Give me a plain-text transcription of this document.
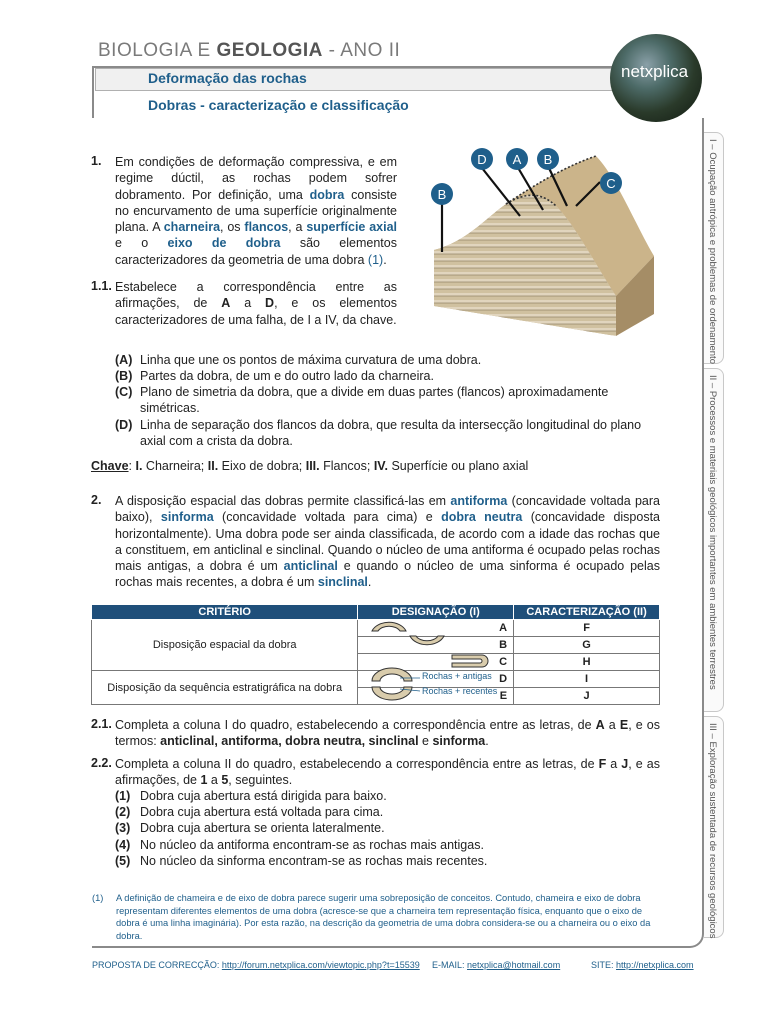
BIOLOGIA E GEOLOGIA - ANO II
Deformação das rochas
Dobras - caracterização e classificação
netxplica
I – Ocupação antrópica e problemas de ordenamento
II – Processos e materiais geológicos importantes em ambientes terrestres
III – Exploração sustentada de recursos geológicos
1. Em condições de deformação compressiva, e em regime dúctil, as rochas podem sofrer dobramento. Por definição, uma dobra consiste no encurvamento de uma superfície originalmente plana. A charneira, os flancos, a superfície axial e o eixo de dobra são elementos caracterizadores da geometria de uma dobra (1).
1.1. Estabelece a correspondência entre as afirmações, de A a D, e os elementos caracterizadores de uma falha, de I a IV, da chave.
D A B
B
C
(A) Linha que une os pontos de máxima curvatura de uma dobra.
(B) Partes da dobra, de um e do outro lado da charneira.
(C) Plano de simetria da dobra, que a divide em duas partes (flancos) aproximadamente simétricas.
(D) Linha de separação dos flancos da dobra, que resulta da intersecção longitudinal do plano axial com a crista da dobra.
Chave: I. Charneira; II. Eixo de dobra; III. Flancos; IV. Superfície ou plano axial
2. A disposição espacial das dobras permite classificá-las em antiforma (concavidade voltada para baixo), sinforma (concavidade voltada para cima) e dobra neutra (concavidade disposta horizontalmente). Uma dobra pode ser ainda classificada, de acordo com a idade das rochas que a constituem, em anticlinal e sinclinal. Quando o núcleo de uma antiforma é ocupado pelas rochas mais antigas, a dobra é um anticlinal e quando o núcleo de uma sinforma é ocupado pelas rochas mais recentes, a dobra é um sinclinal.
CRITÉRIO	DESIGNAÇÃO (I)	CARACTERIZAÇÃO (II)
Disposição espacial da dobra	A	F
	B	G
	C	H
Disposição da sequência estratigráfica na dobra	D	I
	E	J
Rochas + antigas
Rochas + recentes
2.1. Completa a coluna I do quadro, estabelecendo a correspondência entre as letras, de A a E, e os termos: anticlinal, antiforma, dobra neutra, sinclinal e sinforma.
2.2. Completa a coluna II do quadro, estabelecendo a correspondência entre as letras, de F a J, e as afirmações, de 1 a 5, seguintes.
(1) Dobra cuja abertura está dirigida para baixo.
(2) Dobra cuja abertura está voltada para cima.
(3) Dobra cuja abertura se orienta lateralmente.
(4) No núcleo da antiforma encontram-se as rochas mais antigas.
(5) No núcleo da sinforma encontram-se as rochas mais recentes.
(1) A definição de chameira e de eixo de dobra parece sugerir uma sobreposição de conceitos. Contudo, chameira e eixo de dobra representam diferentes elementos de uma dobra (acresce-se que a charneira tem representação física, enquanto que o eixo de dobra é uma linha imaginária). Por esta razão, na descrição da geometria de uma dobra considera-se ou a charneira ou o eixo da dobra.
PROPOSTA DE CORRECÇÃO: http://forum.netxplica.com/viewtopic.php?t=15539 E-MAIL: netxplica@hotmail.com	SITE: http://netxplica.com
